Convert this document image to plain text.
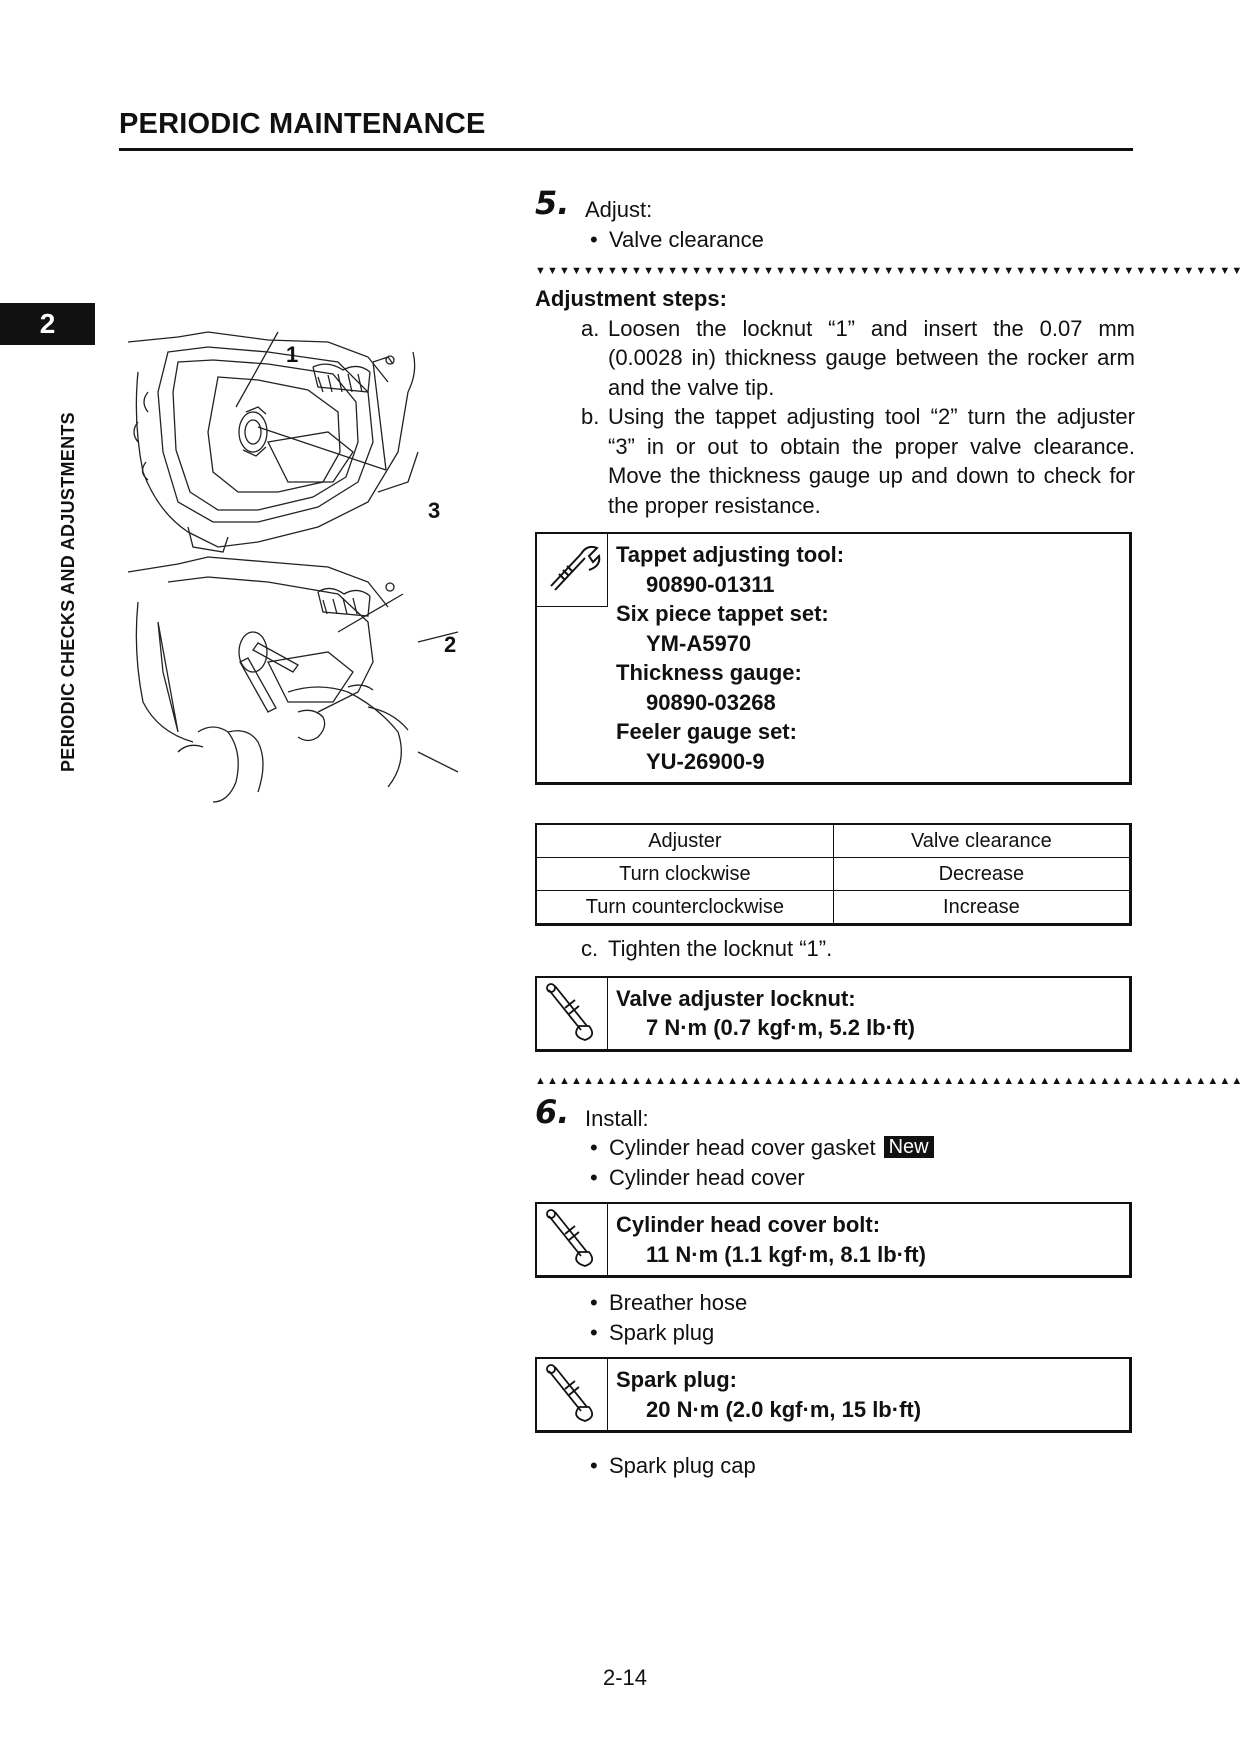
PERIODIC MAINTENANCE
2
PERIODIC CHECKS AND ADJUSTMENTS
1
3
2

5. Adjust:

• Valve clearance

▼▼▼▼▼▼▼▼▼▼▼▼▼▼▼▼▼▼▼▼▼▼▼▼▼▼▼▼▼▼▼▼▼▼▼▼▼▼▼▼▼▼▼▼▼▼▼▼▼▼▼▼▼▼▼▼▼▼▼

Adjustment steps:

a. Loosen the locknut “1” and insert the 0.07 mm (0.0028 in) thickness gauge between the rocker arm and the valve tip.

b. Using the tappet adjusting tool “2” turn the adjuster “3” in or out to obtain the proper valve clearance. Move the thickness gauge up and down to check for the proper resistance.

Tappet adjusting tool:
90890-01311
Six piece tappet set:
YM-A5970
Thickness gauge:
90890-03268
Feeler gauge set:
YU-26900-9
Adjuster	Valve clearance
Turn clockwise	Decrease
Turn counterclockwise	Increase

c. Tighten the locknut “1”.

Valve adjuster locknut:
7 N·m (0.7 kgf·m, 5.2 lb·ft)
▲▲▲▲▲▲▲▲▲▲▲▲▲▲▲▲▲▲▲▲▲▲▲▲▲▲▲▲▲▲▲▲▲▲▲▲▲▲▲▲▲▲▲▲▲▲▲▲▲▲▲▲▲▲▲▲▲▲▲

6. Install:

• Cylinder head cover gasket New

• Cylinder head cover

Cylinder head cover bolt:
11 N·m (1.1 kgf·m, 8.1 lb·ft)

• Breather hose

• Spark plug

Spark plug:
20 N·m (2.0 kgf·m, 15 lb·ft)

• Spark plug cap

2-14
